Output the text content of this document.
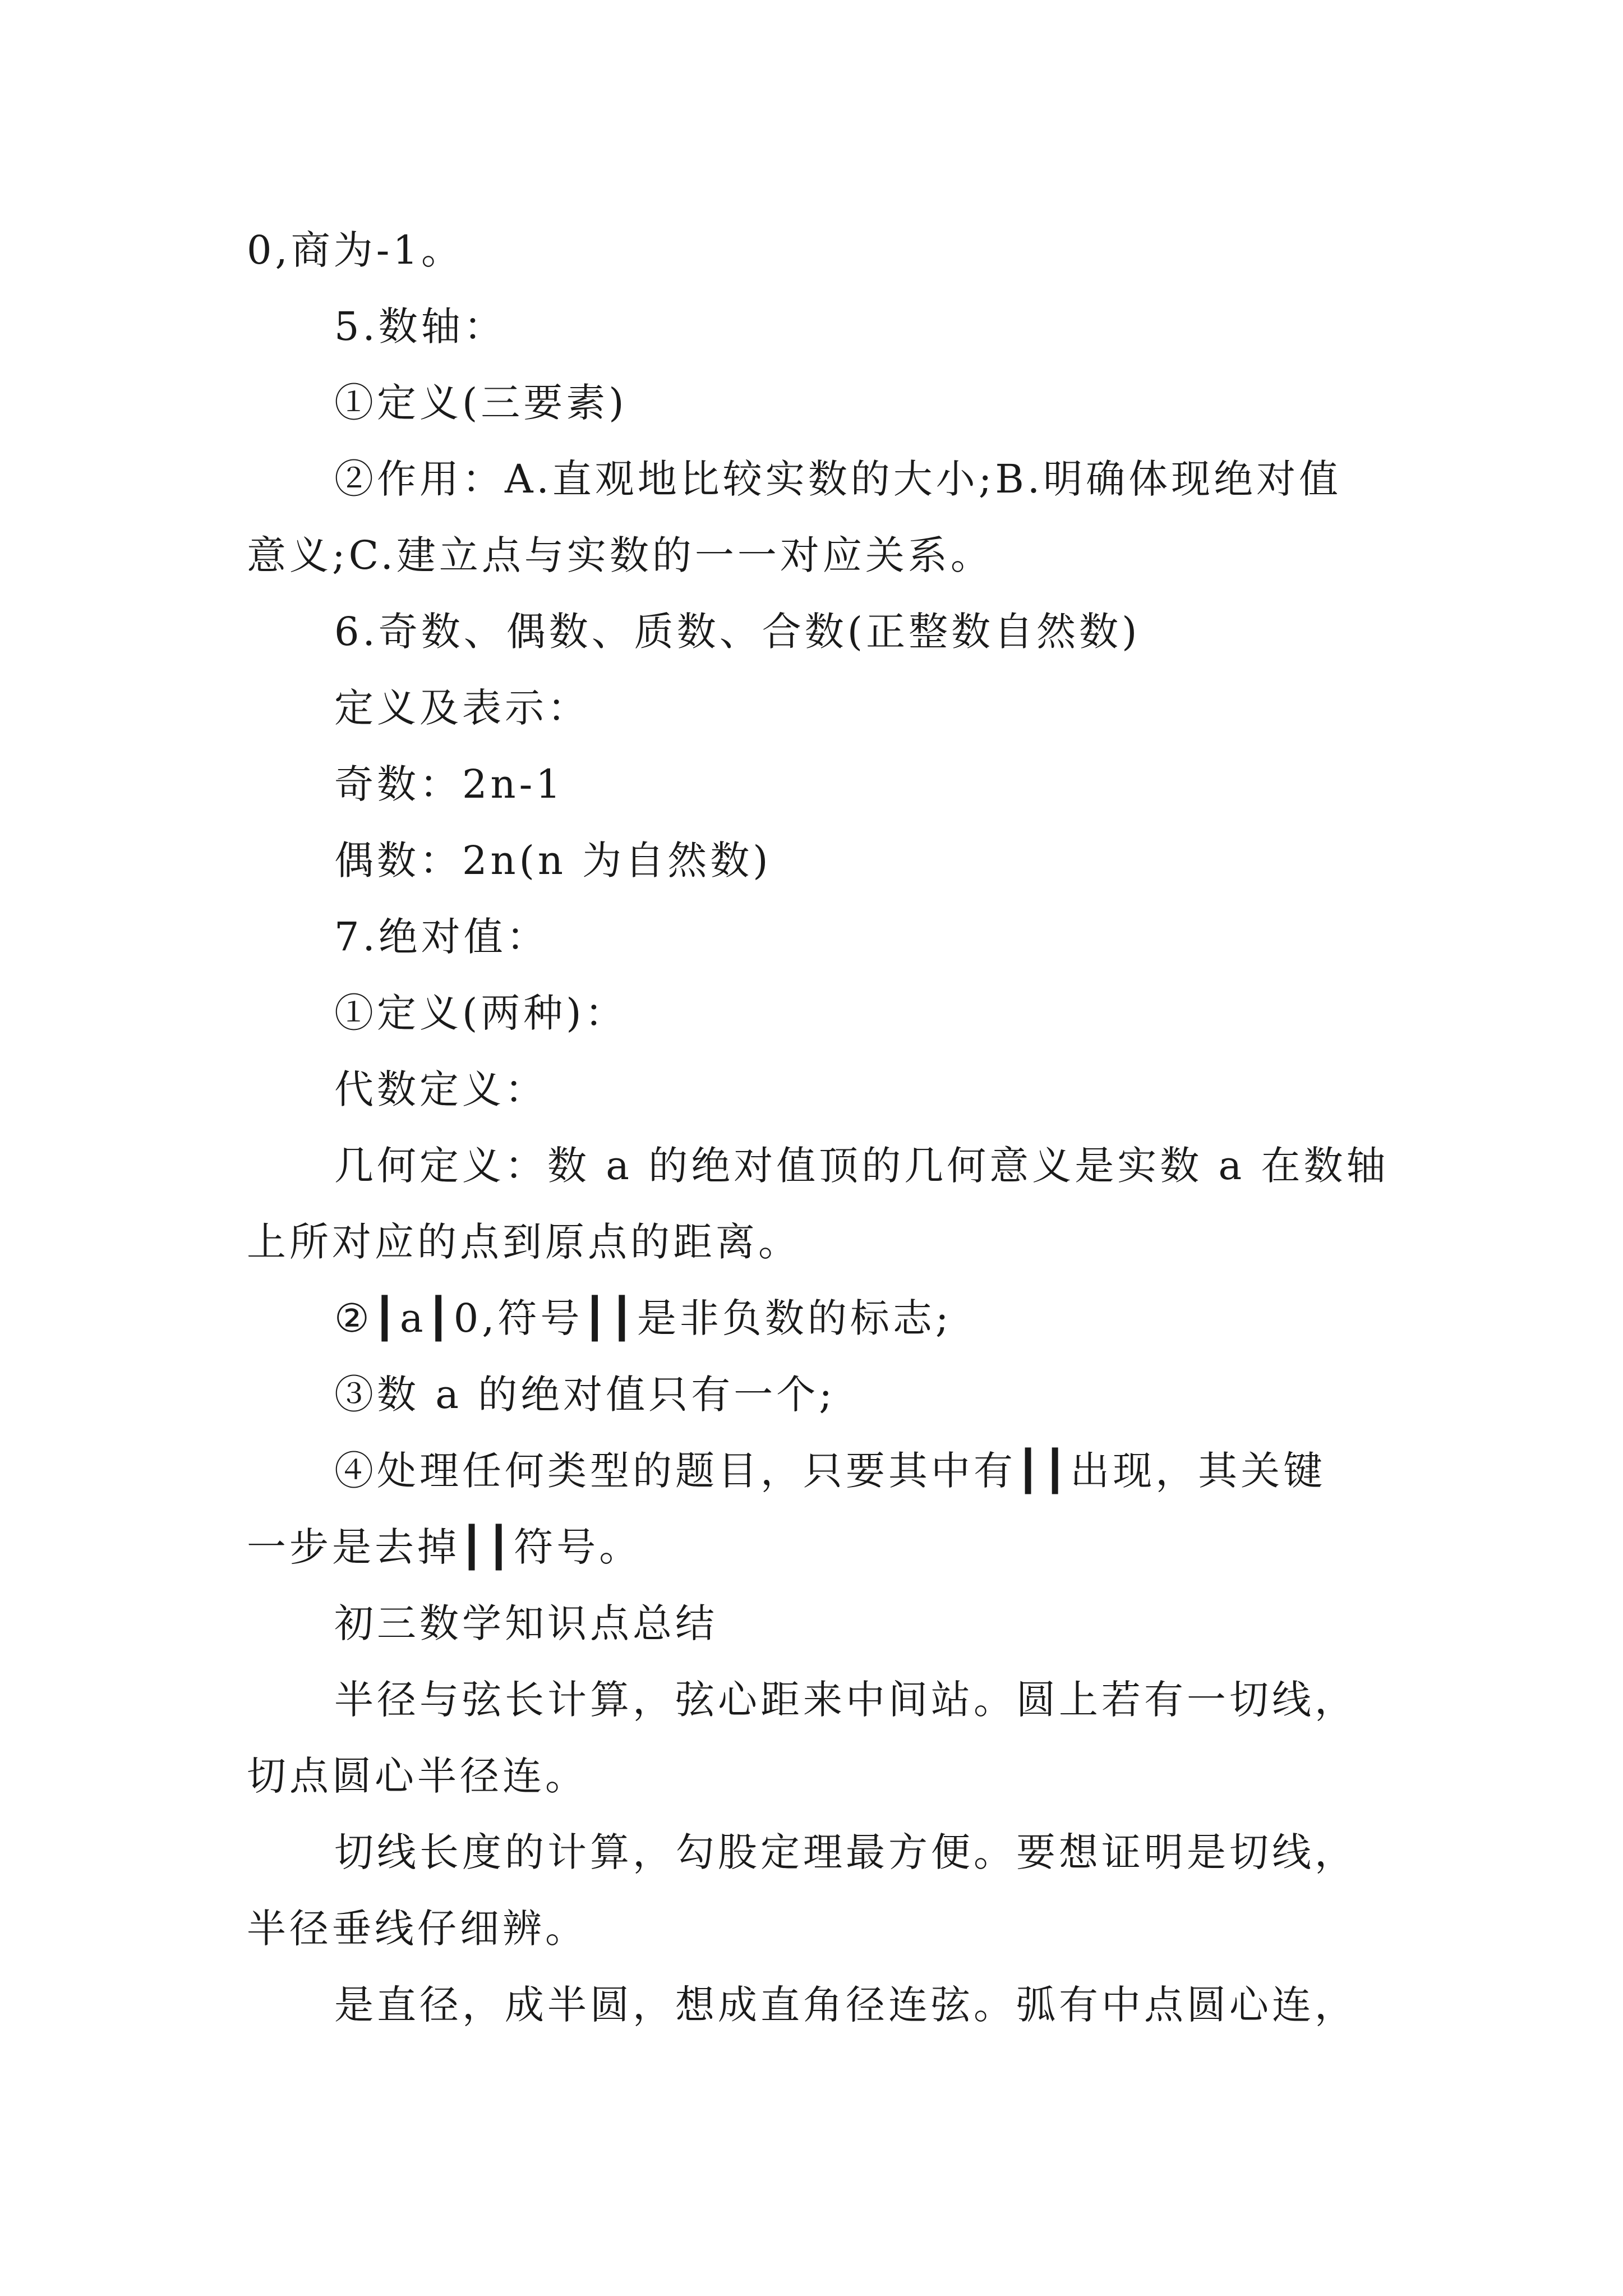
0,商为-1。
5.数轴：
①定义(三要素)
②作用：A.直观地比较实数的大小;B.明确体现绝对值
意义;C.建立点与实数的一一对应关系。
6.奇数、偶数、质数、合数(正整数自然数)
定义及表示：
奇数：2n-1
偶数：2n(n 为自然数)
7.绝对值：
①定义(两种)：
代数定义：
几何定义：数 a 的绝对值顶的几何意义是实数 a 在数轴
上所对应的点到原点的距离。
②┃a┃0,符号┃┃是非负数的标志;
③数 a 的绝对值只有一个;
④处理任何类型的题目，只要其中有┃┃出现，其关键
一步是去掉┃┃符号。
初三数学知识点总结
半径与弦长计算，弦心距来中间站。圆上若有一切线，
切点圆心半径连。
切线长度的计算，勾股定理最方便。要想证明是切线，
半径垂线仔细辨。
是直径，成半圆，想成直角径连弦。弧有中点圆心连，
